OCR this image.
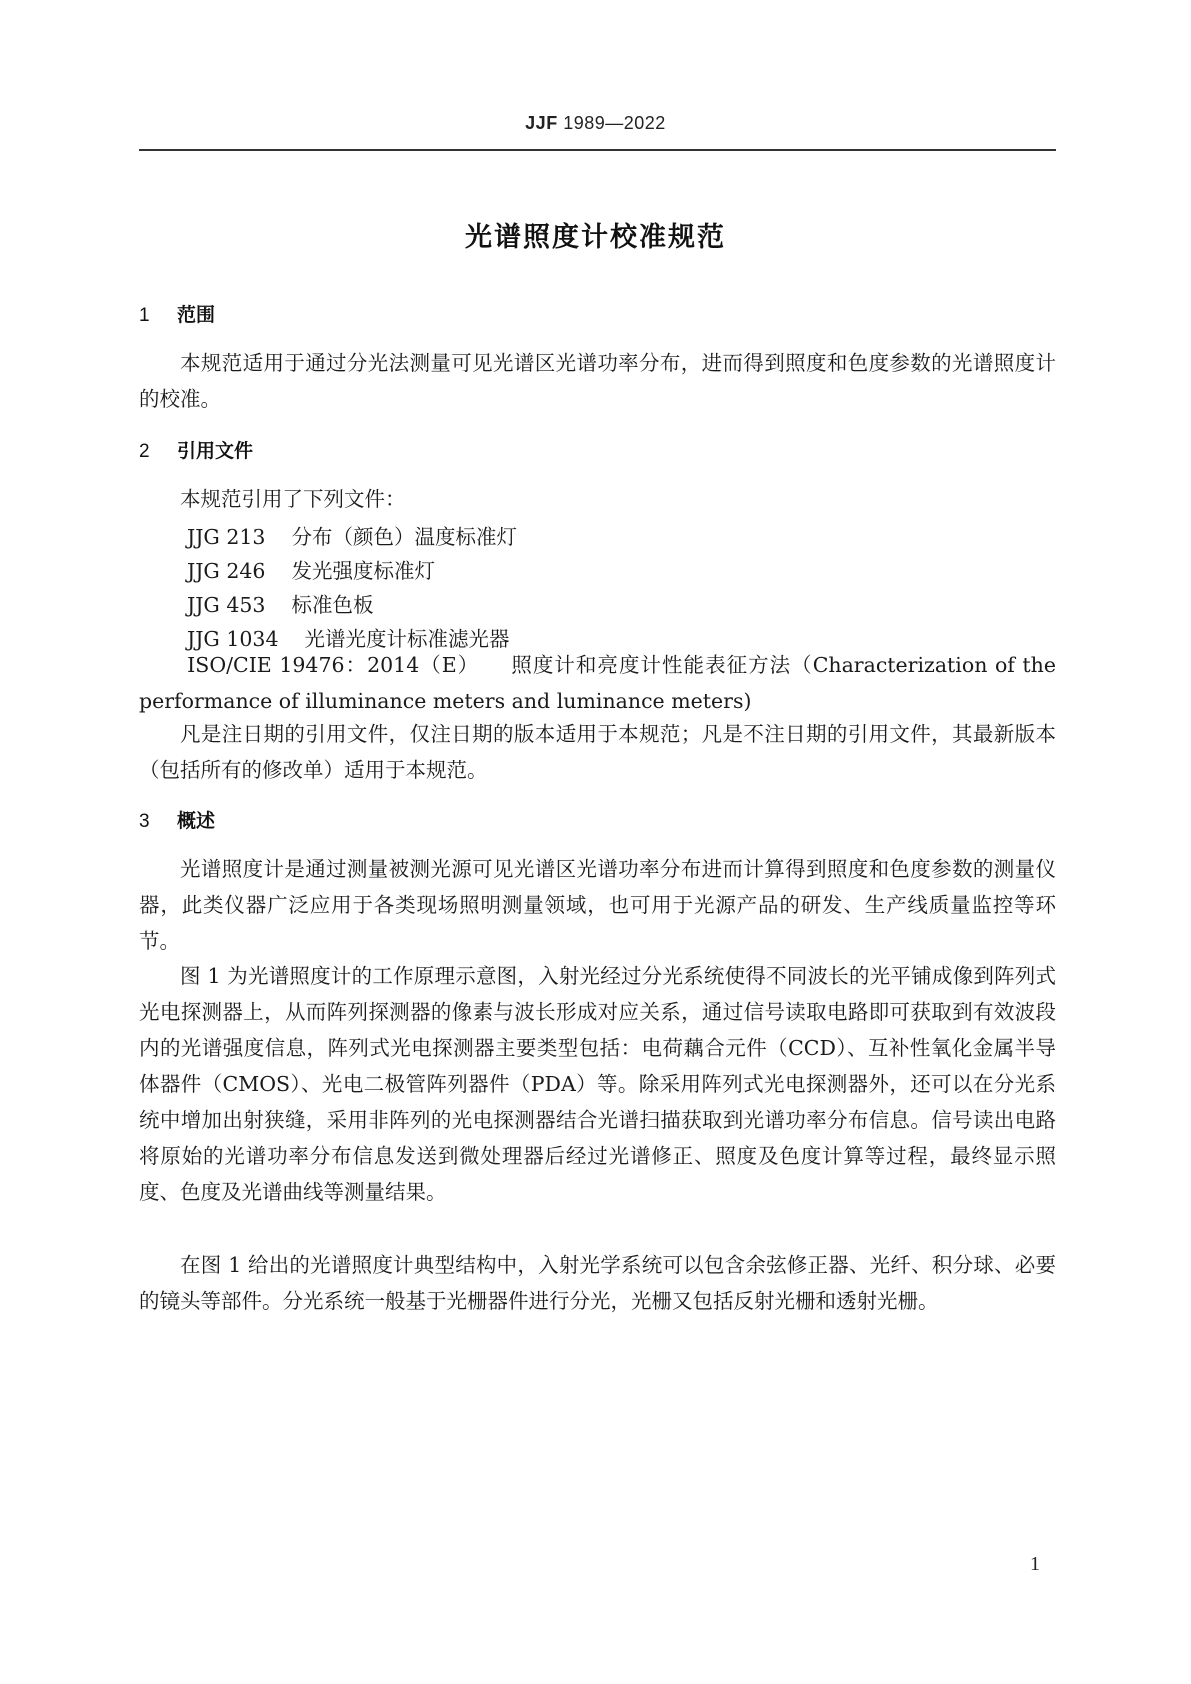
JJF 1989—2022
光谱照度计校准规范
1 范围

本规范适用于通过分光法测量可见光谱区光谱功率分布，进而得到照度和色度参数的光谱照度计的校准。

2 引用文件

本规范引用了下列文件：

JJG 213 分布（颜色）温度标准灯
JJG 246 发光强度标准灯
JJG 453 标准色板
JJG 1034 光谱光度计标准滤光器

ISO/CIE 19476：2014（E） 照度计和亮度计性能表征方法（Characterization of the performance of illuminance meters and luminance meters)

凡是注日期的引用文件，仅注日期的版本适用于本规范；凡是不注日期的引用文件，其最新版本（包括所有的修改单）适用于本规范。

3 概述

光谱照度计是通过测量被测光源可见光谱区光谱功率分布进而计算得到照度和色度参数的测量仪器，此类仪器广泛应用于各类现场照明测量领域，也可用于光源产品的研发、生产线质量监控等环节。

图 1 为光谱照度计的工作原理示意图，入射光经过分光系统使得不同波长的光平铺成像到阵列式光电探测器上，从而阵列探测器的像素与波长形成对应关系，通过信号读取电路即可获取到有效波段内的光谱强度信息，阵列式光电探测器主要类型包括：电荷藕合元件（CCD）、互补性氧化金属半导体器件（CMOS）、光电二极管阵列器件（PDA）等。除采用阵列式光电探测器外，还可以在分光系统中增加出射狭缝，采用非阵列的光电探测器结合光谱扫描获取到光谱功率分布信息。信号读出电路将原始的光谱功率分布信息发送到微处理器后经过光谱修正、照度及色度计算等过程，最终显示照度、色度及光谱曲线等测量结果。

在图 1 给出的光谱照度计典型结构中，入射光学系统可以包含余弦修正器、光纤、积分球、必要的镜头等部件。分光系统一般基于光栅器件进行分光，光栅又包括反射光栅和透射光栅。

1
